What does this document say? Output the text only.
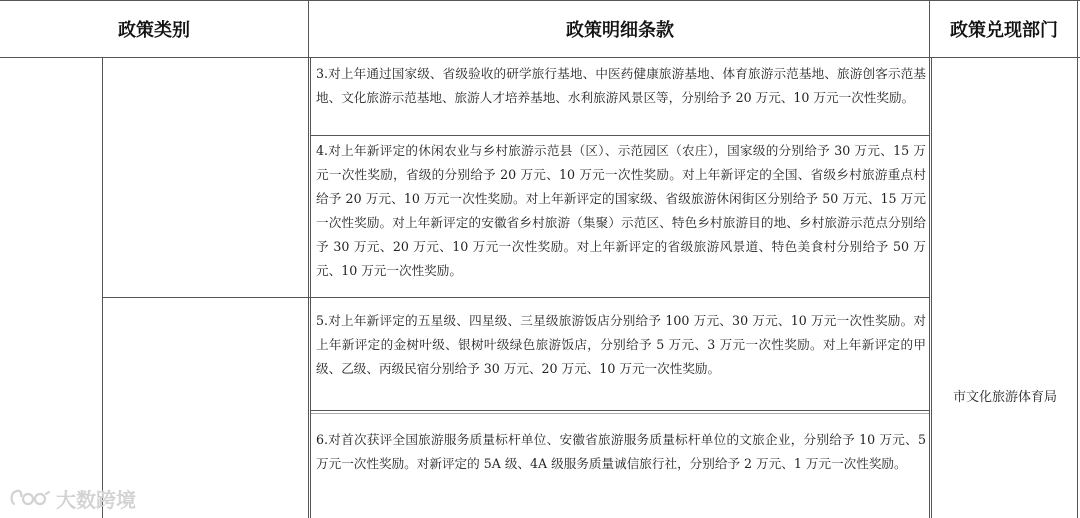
政策类别	政策明细条款	政策兑现部门
3.对上年通过国家级、省级验收的研学旅行基地、中医药健康旅游基地、体育旅游示范基地、旅游创客示范基地、文化旅游示范基地、旅游人才培养基地、水利旅游风景区等，分别给予 20 万元、10 万元一次性奖励。
4.对上年新评定的休闲农业与乡村旅游示范县（区）、示范园区（农庄），国家级的分别给予 30 万元、15 万元一次性奖励，省级的分别给予 20 万元、10 万元一次性奖励。对上年新评定的全国、省级乡村旅游重点村给予 20 万元、10 万元一次性奖励。对上年新评定的国家级、省级旅游休闲街区分别给予 50 万元、15 万元一次性奖励。对上年新评定的安徽省乡村旅游（集聚）示范区、特色乡村旅游目的地、乡村旅游示范点分别给予 30 万元、20 万元、10 万元一次性奖励。对上年新评定的省级旅游风景道、特色美食村分别给予 50 万元、10 万元一次性奖励。
5.对上年新评定的五星级、四星级、三星级旅游饭店分别给予 100 万元、30 万元、10 万元一次性奖励。对上年新评定的金树叶级、银树叶级绿色旅游饭店，分别给予 5 万元、3 万元一次性奖励。对上年新评定的甲级、乙级、丙级民宿分别给予 30 万元、20 万元、10 万元一次性奖励。
6.对首次获评全国旅游服务质量标杆单位、安徽省旅游服务质量标杆单位的文旅企业，分别给予 10 万元、5 万元一次性奖励。对新评定的 5A 级、4A 级服务质量诚信旅行社，分别给予 2 万元、1 万元一次性奖励。
市文化旅游体育局
大数跨境
